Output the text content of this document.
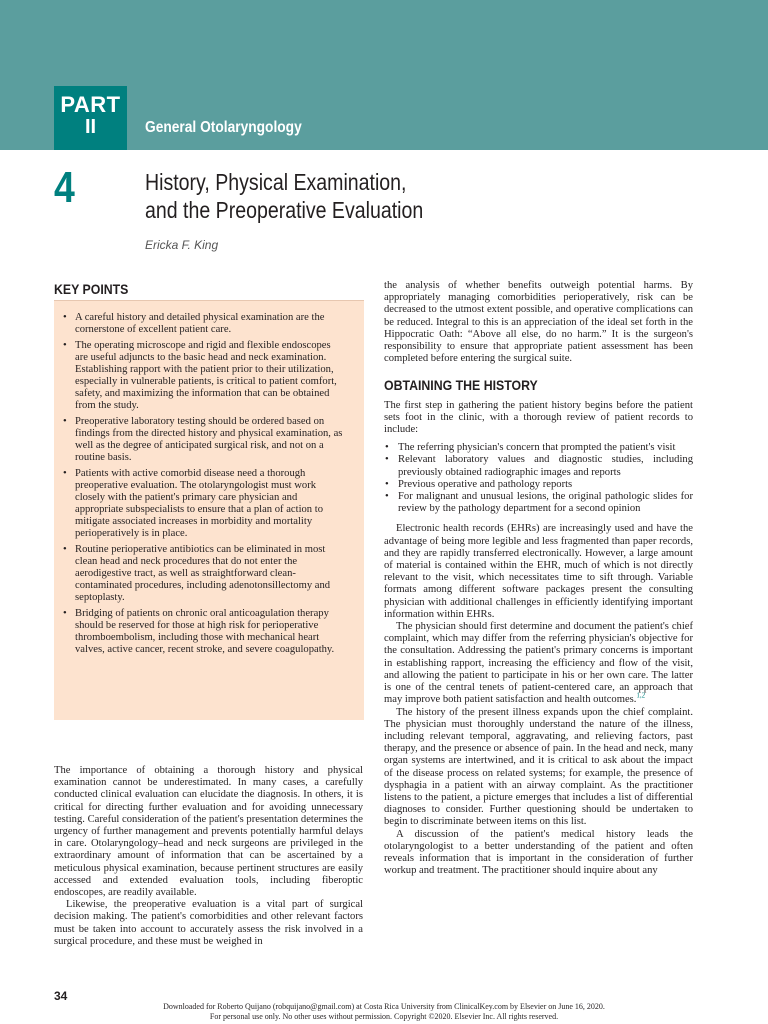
PART
II	General Otolaryngology
4	History, Physical Examination,
and the Preoperative Evaluation
Ericka F. King
KEY POINTS
• A careful history and detailed physical examination are the cornerstone of excellent patient care.
• The operating microscope and rigid and flexible endoscopes are useful adjuncts to the basic head and neck examination. Establishing rapport with the patient prior to their utilization, especially in vulnerable patients, is critical to patient comfort, safety, and maximizing the information that can be obtained from the study.
• Preoperative laboratory testing should be ordered based on findings from the directed history and physical examination, as well as the degree of anticipated surgical risk, and not on a routine basis.
• Patients with active comorbid disease need a thorough preoperative evaluation. The otolaryngologist must work closely with the patient's primary care physician and appropriate subspecialists to ensure that a plan of action to mitigate associated increases in morbidity and mortality perioperatively is in place.
• Routine perioperative antibiotics can be eliminated in most clean head and neck procedures that do not enter the aerodigestive tract, as well as straightforward clean-contaminated procedures, including adenotonsillectomy and septoplasty.
• Bridging of patients on chronic oral anticoagulation therapy should be reserved for those at high risk for perioperative thromboembolism, including those with mechanical heart valves, active cancer, recent stroke, and severe coagulopathy.

The importance of obtaining a thorough history and physical examination cannot be underestimated. In many cases, a carefully conducted clinical evaluation can elucidate the diagnosis. In others, it is critical for directing further evaluation and for avoiding unnecessary testing. Careful consideration of the patient's presentation determines the urgency of further management and prevents potentially harmful delays in care. Otolaryngology–head and neck surgeons are privileged in the extraordinary amount of information that can be ascertained by a meticulous physical examination, because pertinent structures are easily accessed and extended evaluation tools, including fiberoptic endoscopes, are readily available.

Likewise, the preoperative evaluation is a vital part of surgical decision making. The patient's comorbidities and other relevant factors must be taken into account to accurately assess the risk involved in a surgical procedure, and these must be weighed in

the analysis of whether benefits outweigh potential harms. By appropriately managing comorbidities perioperatively, risk can be decreased to the utmost extent possible, and operative complications can be reduced. Integral to this is an appreciation of the ideal set forth in the Hippocratic Oath: “Above all else, do no harm.” It is the surgeon's responsibility to ensure that appropriate patient assessment has been completed before entering the surgical suite.

OBTAINING THE HISTORY

The first step in gathering the patient history begins before the patient sets foot in the clinic, with a thorough review of patient records to include:

• The referring physician's concern that prompted the patient's visit
• Relevant laboratory values and diagnostic studies, including previously obtained radiographic images and reports
• Previous operative and pathology reports
• For malignant and unusual lesions, the original pathologic slides for review by the pathology department for a second opinion

Electronic health records (EHRs) are increasingly used and have the advantage of being more legible and less fragmented than paper records, and they are rapidly transferred electronically. However, a large amount of material is contained within the EHR, much of which is not directly relevant to the visit, which necessitates time to sift through. Variable formats among different software packages present the consulting physician with additional challenges in efficiently identifying important information within EHRs.

The physician should first determine and document the patient's chief complaint, which may differ from the referring physician's objective for the consultation. Addressing the patient's primary concerns is important in establishing rapport, increasing the efficiency and flow of the visit, and allowing the patient to participate in his or her own care. The latter is one of the central tenets of patient-centered care, an approach that may improve both patient satisfaction and health outcomes.$^{1,2}$

The history of the present illness expands upon the chief complaint. The physician must thoroughly understand the nature of the illness, including relevant temporal, aggravating, and relieving factors, past therapy, and the presence or absence of pain. In the head and neck, many organ systems are intertwined, and it is critical to ask about the impact of the disease process on related systems; for example, the presence of dysphagia in a patient with an airway complaint. As the practitioner listens to the patient, a picture emerges that includes a list of differential diagnoses to consider. Further questioning should be undertaken to begin to discriminate between items on this list.

A discussion of the patient's medical history leads the otolaryngologist to a better understanding of the patient and often reveals information that is important in the consideration of further workup and treatment. The practitioner should inquire about any

34
Downloaded for Roberto Quijano (robquijano@gmail.com) at Costa Rica University from ClinicalKey.com by Elsevier on June 16, 2020.
For personal use only. No other uses without permission. Copyright ©2020. Elsevier Inc. All rights reserved.
